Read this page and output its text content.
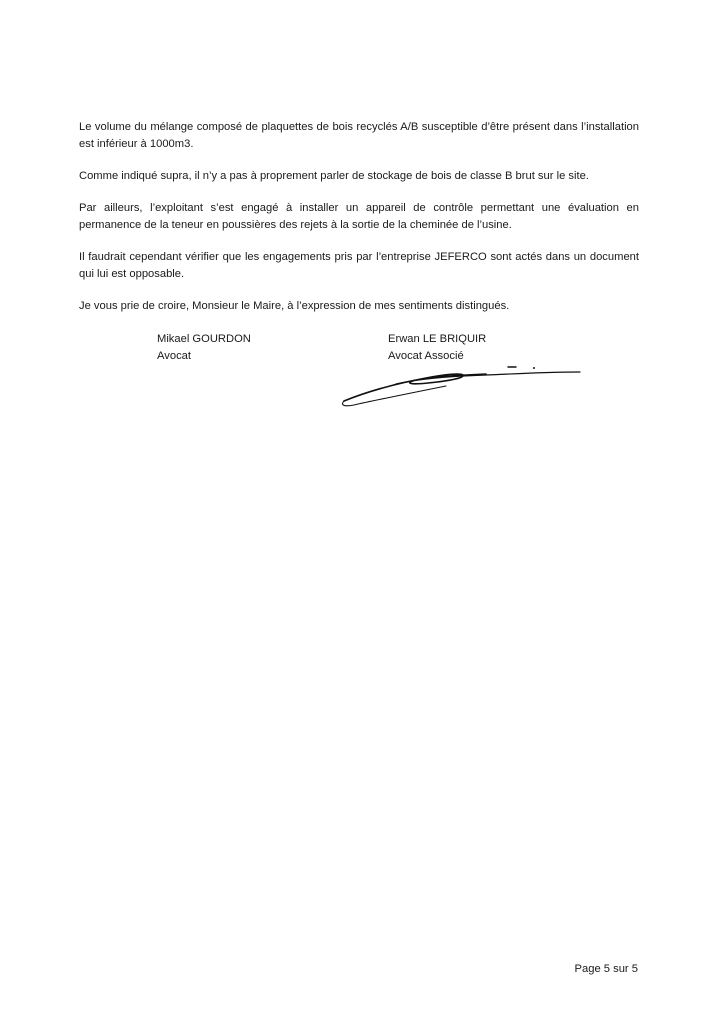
Le volume du mélange composé de plaquettes de bois recyclés A/B susceptible d’être présent dans l’installation est inférieur à 1000m3.

Comme indiqué supra, il n’y a pas à proprement parler de stockage de bois de classe B brut sur le site.

Par ailleurs, l’exploitant s’est engagé à installer un appareil de contrôle permettant une évaluation en permanence de la teneur en poussières des rejets à la sortie de la cheminée de l’usine.

Il faudrait cependant vérifier que les engagements pris par l’entreprise JEFERCO sont actés dans un document qui lui est opposable.

Je vous prie de croire, Monsieur le Maire, à l’expression de mes sentiments distingués.

Mikael GOURDON
Avocat
Erwan LE BRIQUIR
Avocat Associé
Page 5 sur 5
